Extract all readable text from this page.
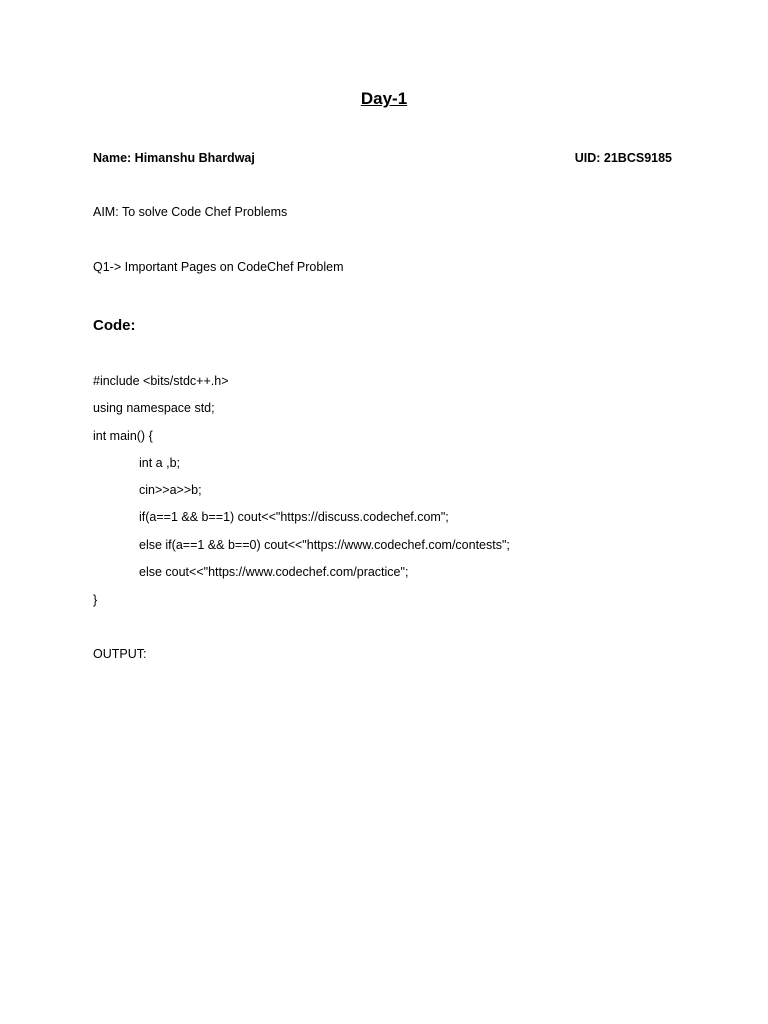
Day-1
Name: Himanshu Bhardwaj	UID: 21BCS9185
AIM: To solve Code Chef Problems
Q1-> Important Pages on CodeChef Problem
Code:
#include <bits/stdc++.h>
using namespace std;
int main() {
int a ,b;
cin>>a>>b;
if(a==1 && b==1) cout<<"https://discuss.codechef.com";
else if(a==1 && b==0) cout<<"https://www.codechef.com/contests";
else cout<<"https://www.codechef.com/practice";
}
OUTPUT:
